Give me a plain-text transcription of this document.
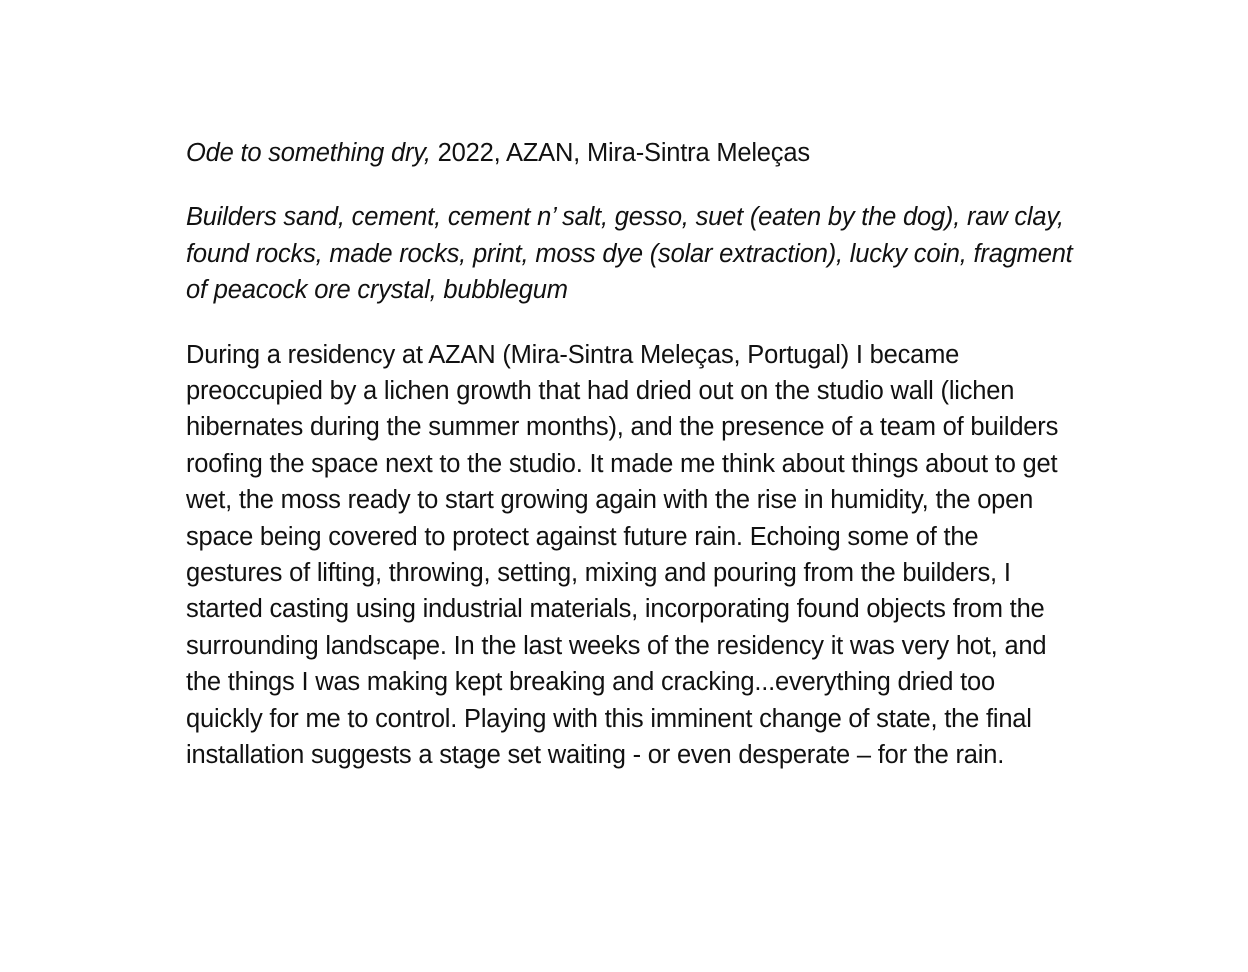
Ode to something dry, 2022, AZAN, Mira-Sintra Meleças

Builders sand, cement, cement n’ salt, gesso, suet (eaten by the dog), raw clay, found rocks, made rocks, print, moss dye (solar extraction), lucky coin, fragment of peacock ore crystal, bubblegum

During a residency at AZAN (Mira-Sintra Meleças, Portugal) I became preoccupied by a lichen growth that had dried out on the studio wall (lichen hibernates during the summer months), and the presence of a team of builders roofing the space next to the studio. It made me think about things about to get wet, the moss ready to start growing again with the rise in humidity, the open space being covered to protect against future rain. Echoing some of the gestures of lifting, throwing, setting, mixing and pouring from the builders, I started casting using industrial materials, incorporating found objects from the surrounding landscape. In the last weeks of the residency it was very hot, and the things I was making kept breaking and cracking...everything dried too quickly for me to control. Playing with this imminent change of state, the final installation suggests a stage set waiting - or even desperate – for the rain.
